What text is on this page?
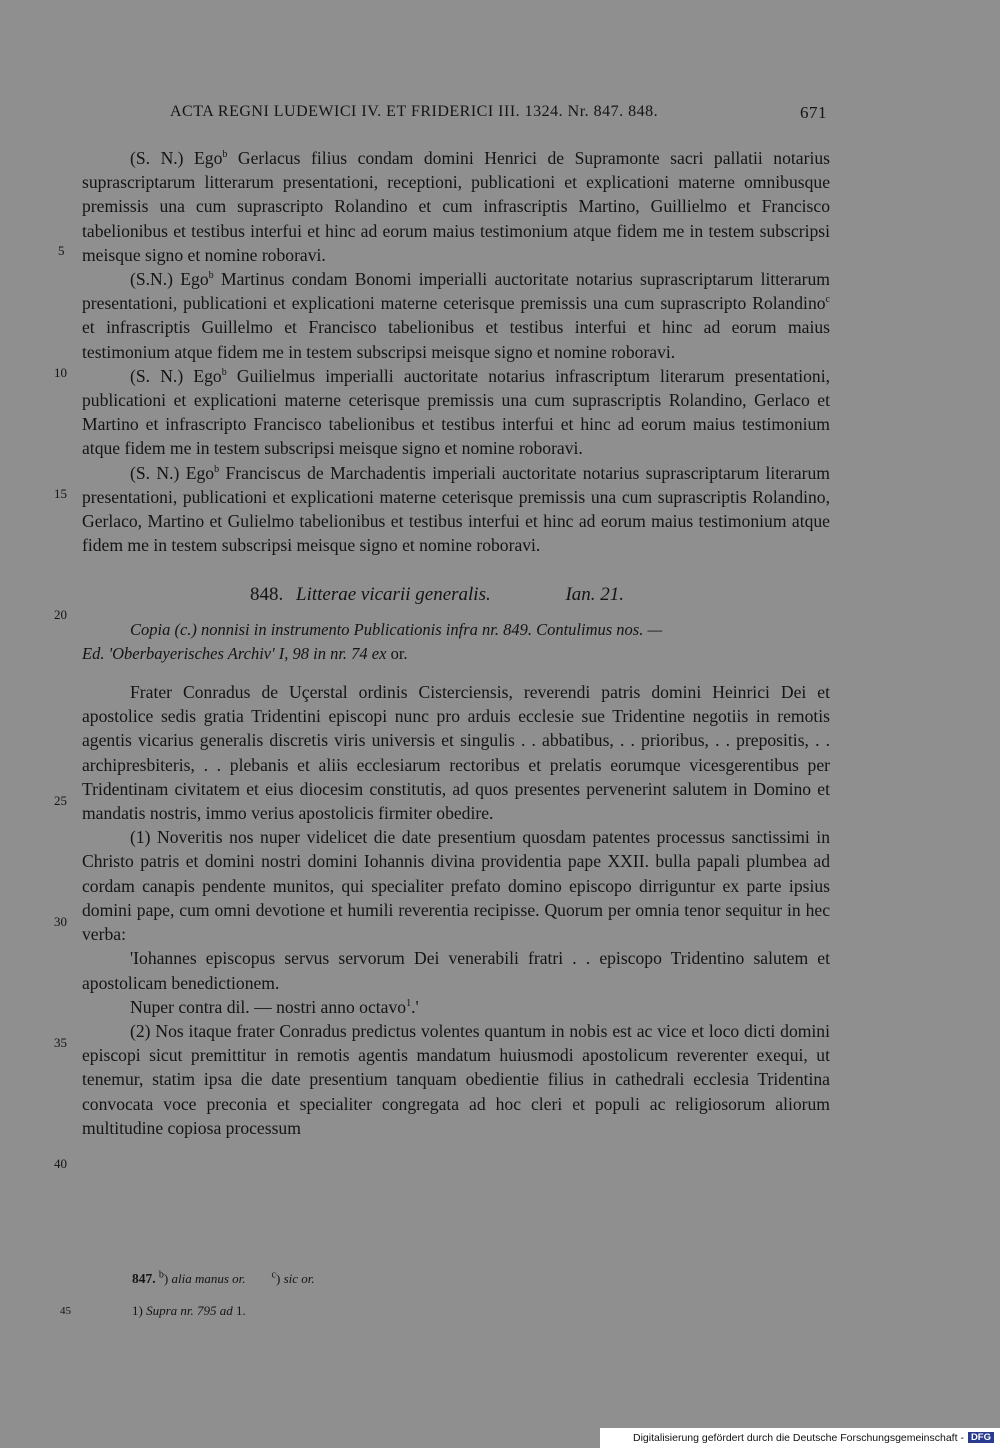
ACTA REGNI LUDEWICI IV. ET FRIDERICI III. 1324. Nr. 847. 848.	671

(S. N.) Ego$^b$ Gerlacus filius condam domini Henrici de Supramonte sacri pallatii notarius suprascriptarum litterarum presentationi, receptioni, publicationi et explicationi materne omnibusque premissis una cum suprascripto Rolandino et cum infrascriptis Martino, Guillielmo et Francisco tabelionibus et testibus interfui et hinc ad eorum maius testimonium atque fidem me in testem subscripsi meisque signo et nomine roboravi.

(S.N.) Ego$^b$ Martinus condam Bonomi imperialli auctoritate notarius suprascriptarum litterarum presentationi, publicationi et explicationi materne ceterisque premissis una cum suprascripto Rolandino$^c$ et infrascriptis Guillelmo et Francisco tabelionibus et testibus interfui et hinc ad eorum maius testimonium atque fidem me in testem subscripsi meisque signo et nomine roboravi.

(S. N.) Ego$^b$ Guilielmus imperialli auctoritate notarius infrascriptum literarum presentationi, publicationi et explicationi materne ceterisque premissis una cum suprascriptis Rolandino, Gerlaco et Martino et infrascripto Francisco tabelionibus et testibus interfui et hinc ad eorum maius testimonium atque fidem me in testem subscripsi meisque signo et nomine roboravi.

(S. N.) Ego$^b$ Franciscus de Marchadentis imperiali auctoritate notarius suprascriptarum literarum presentationi, publicationi et explicationi materne ceterisque premissis una cum suprascriptis Rolandino, Gerlaco, Martino et Gulielmo tabelionibus et testibus interfui et hinc ad eorum maius testimonium atque fidem me in testem subscripsi meisque signo et nomine roboravi.

848. Litterae vicarii generalis.	Ian. 21.

Copia (c.) nonnisi in instrumento Publicationis infra nr. 849. Contulimus nos. —

Ed. 'Oberbayerisches Archiv' I, 98 in nr. 74 ex or.

Frater Conradus de Uçerstal ordinis Cisterciensis, reverendi patris domini Heinrici Dei et apostolice sedis gratia Tridentini episcopi nunc pro arduis ecclesie sue Tridentine negotiis in remotis agentis vicarius generalis discretis viris universis et singulis . . abbatibus, . . prioribus, . . prepositis, . . archipresbiteris, . . plebanis et aliis ecclesiarum rectoribus et prelatis eorumque vicesgerentibus per Tridentinam civitatem et eius diocesim constitutis, ad quos presentes pervenerint salutem in Domino et mandatis nostris, immo verius apostolicis firmiter obedire.

(1) Noveritis nos nuper videlicet die date presentium quosdam patentes processus sanctissimi in Christo patris et domini nostri domini Iohannis divina providentia pape XXII. bulla papali plumbea ad cordam canapis pendente munitos, qui specialiter prefato domino episcopo dirriguntur ex parte ipsius domini pape, cum omni devotione et humili reverentia recipisse. Quorum per omnia tenor sequitur in hec verba:

'Iohannes episcopus servus servorum Dei venerabili fratri . . episcopo Tridentino salutem et apostolicam benedictionem.

Nuper contra dil. — nostri anno octavo$^1$.'

(2) Nos itaque frater Conradus predictus volentes quantum in nobis est ac vice et loco dicti domini episcopi sicut premittitur in remotis agentis mandatum huiusmodi apostolicum reverenter exequi, ut tenemur, statim ipsa die date presentium tanquam obedientie filius in cathedrali ecclesia Tridentina convocata voce preconia et specialiter congregata ad hoc cleri et populi ac religiosorum aliorum multitudine copiosa processum

5
10
15
20
25
30
35
40
847. $^b$) alia manus or.	$^c$) sic or.
45	1) Supra nr. 795 ad 1.
Digitalisierung gefördert durch die Deutsche Forschungsgemeinschaft - DFG
